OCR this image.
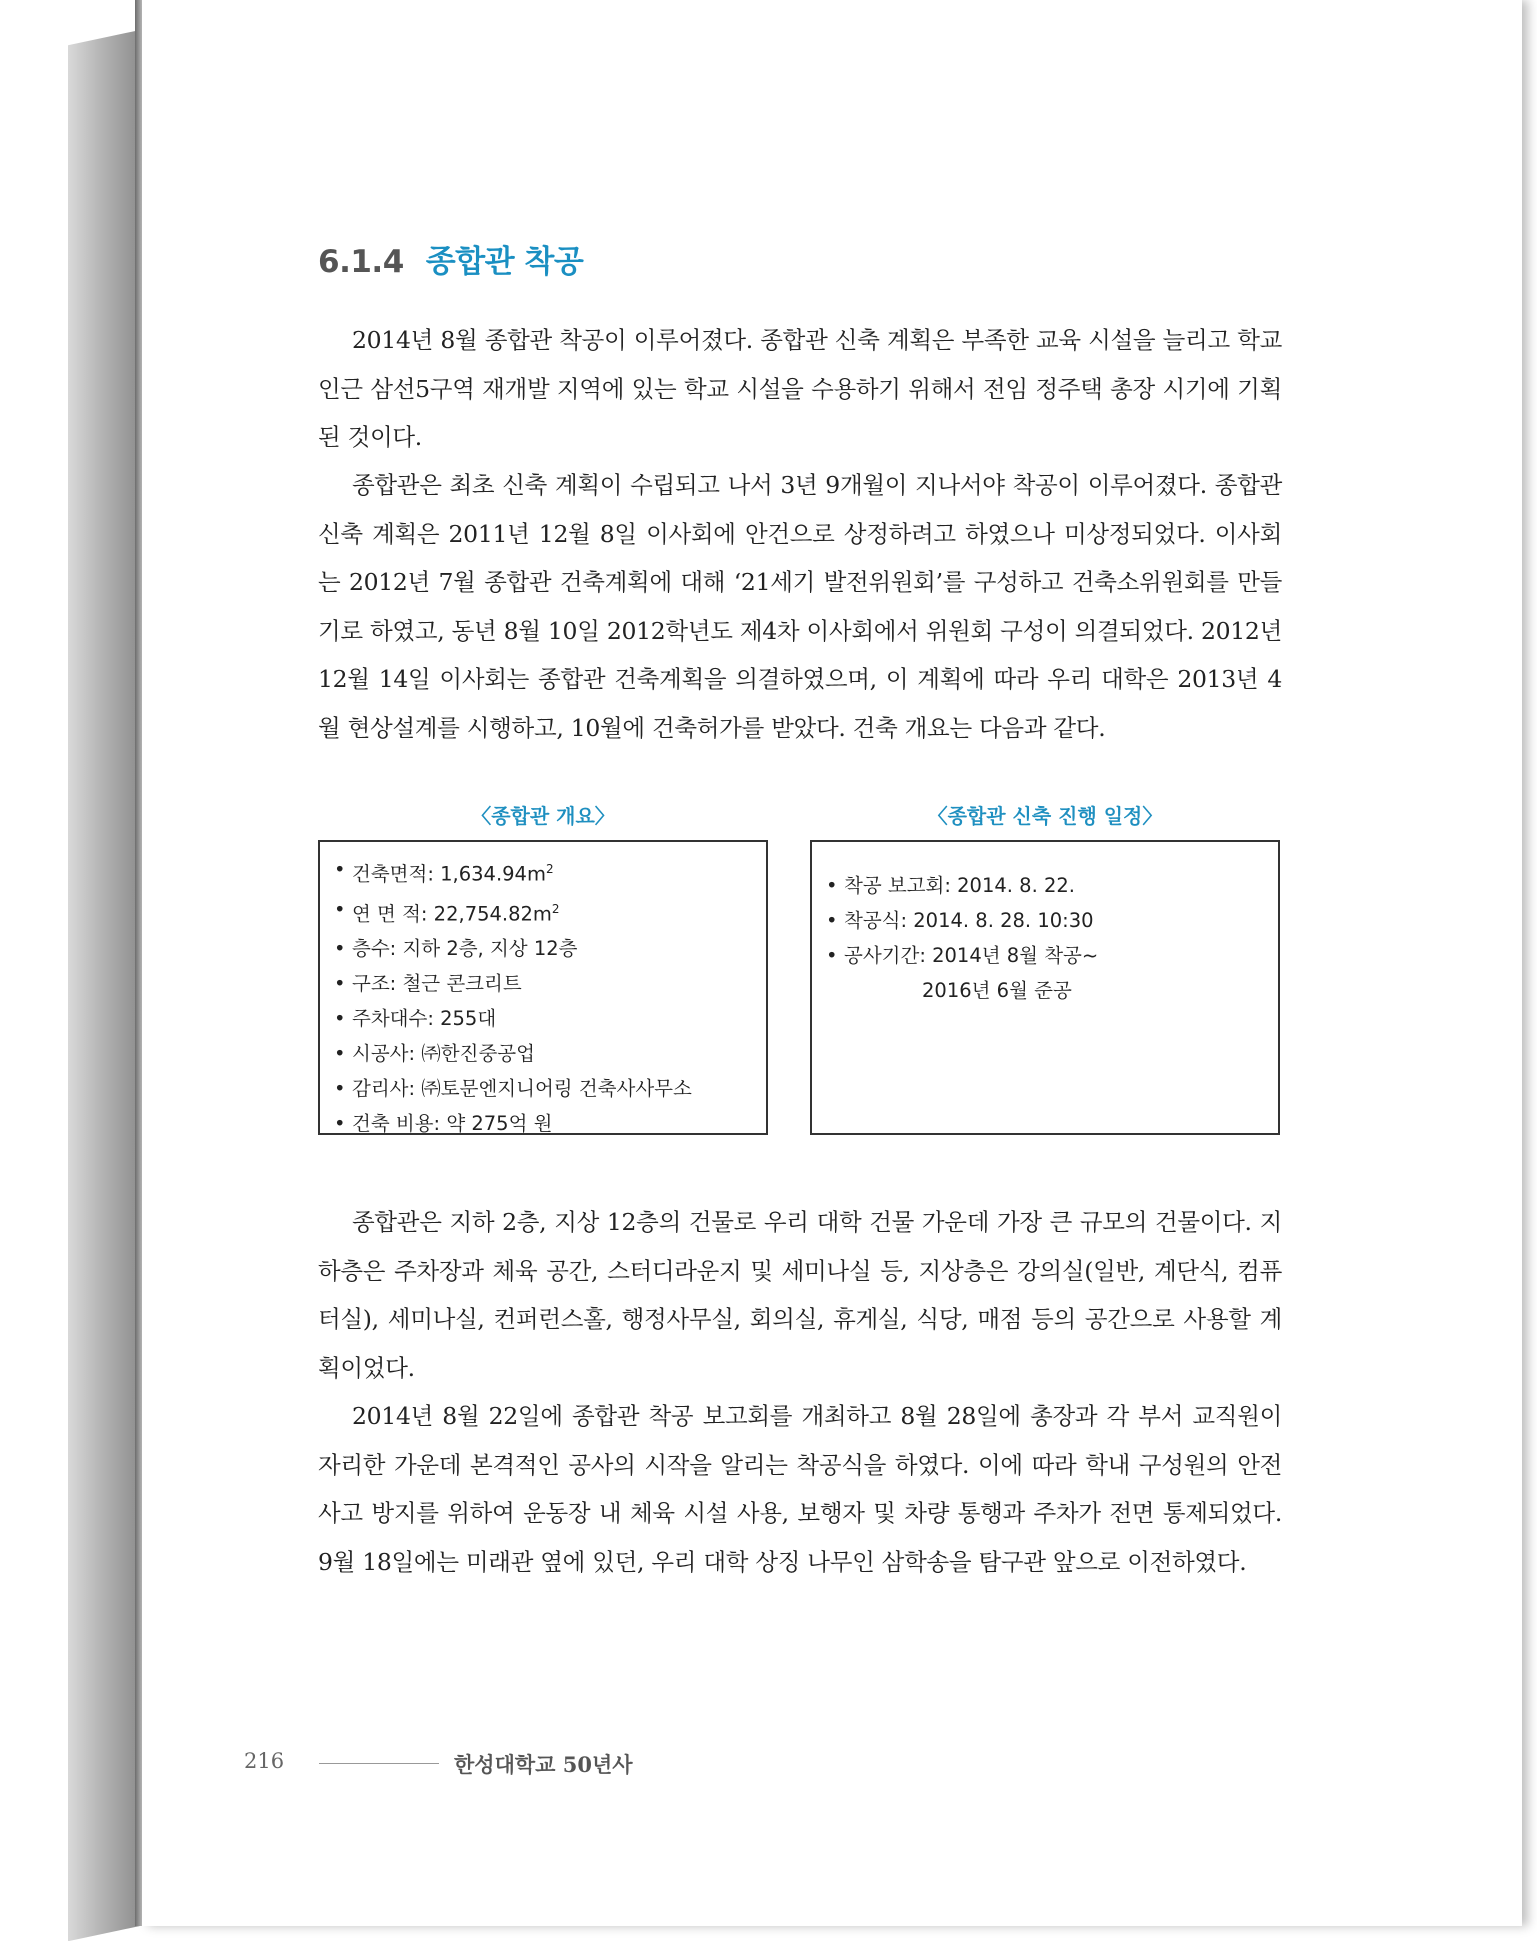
6.1.4 종합관 착공

2014년 8월 종합관 착공이 이루어졌다. 종합관 신축 계획은 부족한 교육 시설을 늘리고 학교 인근 삼선5구역 재개발 지역에 있는 학교 시설을 수용하기 위해서 전임 정주택 총장 시기에 기획된 것이다.

종합관은 최초 신축 계획이 수립되고 나서 3년 9개월이 지나서야 착공이 이루어졌다. 종합관 신축 계획은 2011년 12월 8일 이사회에 안건으로 상정하려고 하였으나 미상정되었다. 이사회는 2012년 7월 종합관 건축계획에 대해 ‘21세기 발전위원회’를 구성하고 건축소위원회를 만들기로 하였고, 동년 8월 10일 2012학년도 제4차 이사회에서 위원회 구성이 의결되었다. 2012년 12월 14일 이사회는 종합관 건축계획을 의결하였으며, 이 계획에 따라 우리 대학은 2013년 4월 현상설계를 시행하고, 10월에 건축허가를 받았다. 건축 개요는 다음과 같다.

〈종합관 개요〉	〈종합관 신축 진행 일정〉
• 건축면적: $1,634.94m^2$
• 연 면 적: $22,754.82m^2$
• 층수: 지하 2층, 지상 12층
• 구조: 철근 콘크리트
• 주차대수: 255대
• 시공사: ㈜한진중공업
• 감리사: ㈜토문엔지니어링 건축사사무소
• 건축 비용: 약 275억 원
• 착공 보고회: 2014. 8. 22.
• 착공식: 2014. 8. 28. 10:30
• 공사기간: 2014년 8월 착공~
2016년 6월 준공

종합관은 지하 2층, 지상 12층의 건물로 우리 대학 건물 가운데 가장 큰 규모의 건물이다. 지하층은 주차장과 체육 공간, 스터디라운지 및 세미나실 등, 지상층은 강의실(일반, 계단식, 컴퓨터실), 세미나실, 컨퍼런스홀, 행정사무실, 회의실, 휴게실, 식당, 매점 등의 공간으로 사용할 계획이었다.

2014년 8월 22일에 종합관 착공 보고회를 개최하고 8월 28일에 총장과 각 부서 교직원이 자리한 가운데 본격적인 공사의 시작을 알리는 착공식을 하였다. 이에 따라 학내 구성원의 안전사고 방지를 위하여 운동장 내 체육 시설 사용, 보행자 및 차량 통행과 주차가 전면 통제되었다. 9월 18일에는 미래관 옆에 있던, 우리 대학 상징 나무인 삼학송을 탐구관 앞으로 이전하였다.

216	한성대학교 50년사
